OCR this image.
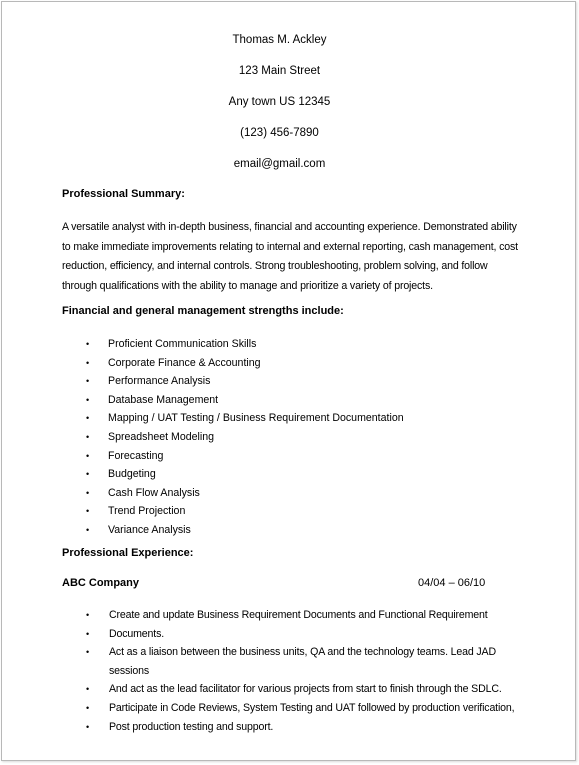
Thomas M. Ackley
123 Main Street
Any town US 12345
(123) 456-7890
email@gmail.com
Professional Summary:
A versatile analyst with in-depth business, financial and accounting experience. Demonstrated ability
to make immediate improvements relating to internal and external reporting, cash management, cost
reduction, efficiency, and internal controls. Strong troubleshooting, problem solving, and follow
through qualifications with the ability to manage and prioritize a variety of projects.
Financial and general management strengths include:
• Proficient Communication Skills
• Corporate Finance & Accounting
• Performance Analysis
• Database Management
• Mapping / UAT Testing / Business Requirement Documentation
• Spreadsheet Modeling
• Forecasting
• Budgeting
• Cash Flow Analysis
• Trend Projection
• Variance Analysis
Professional Experience:
ABC Company	04/04 – 06/10
• Create and update Business Requirement Documents and Functional Requirement
• Documents.
• Act as a liaison between the business units, QA and the technology teams. Lead JAD
sessions
• And act as the lead facilitator for various projects from start to finish through the SDLC.
• Participate in Code Reviews, System Testing and UAT followed by production verification,
• Post production testing and support.
